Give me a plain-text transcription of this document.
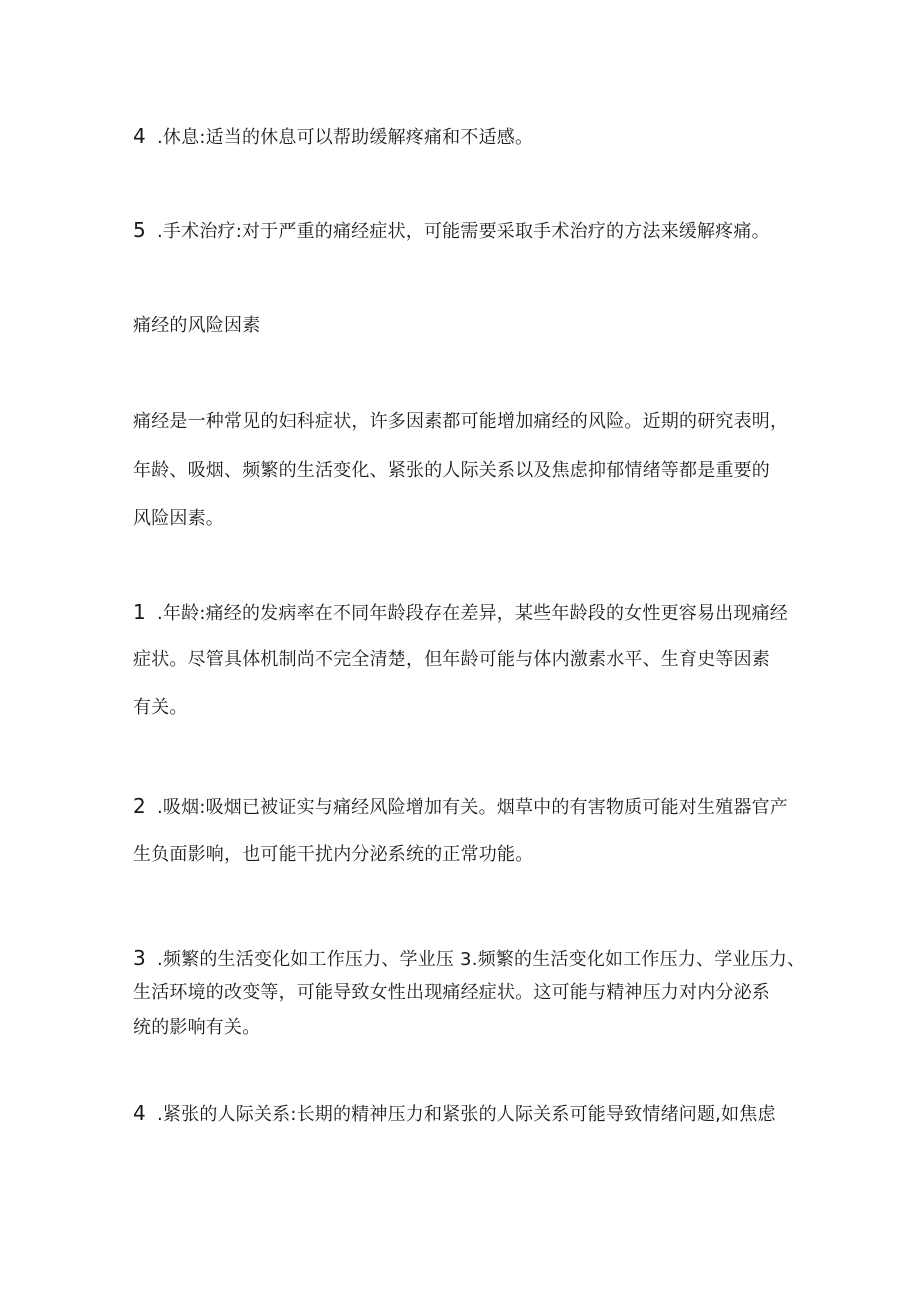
4 .休息:适当的休息可以帮助缓解疼痛和不适感。
5 .手术治疗:对于严重的痛经症状，可能需要采取手术治疗的方法来缓解疼痛。
痛经的风险因素
痛经是一种常见的妇科症状，许多因素都可能增加痛经的风险。近期的研究表明，
年龄、吸烟、频繁的生活变化、紧张的人际关系以及焦虑抑郁情绪等都是重要的
风险因素。
1 .年龄:痛经的发病率在不同年龄段存在差异，某些年龄段的女性更容易出现痛经
症状。尽管具体机制尚不完全清楚，但年龄可能与体内激素水平、生育史等因素
有关。
2 .吸烟:吸烟已被证实与痛经风险增加有关。烟草中的有害物质可能对生殖器官产
生负面影响，也可能干扰内分泌系统的正常功能。
3 .频繁的生活变化如工作压力、学业压 3.频繁的生活变化如工作压力、学业压力、
生活环境的改变等，可能导致女性出现痛经症状。这可能与精神压力对内分泌系
统的影响有关。
4 .紧张的人际关系:长期的精神压力和紧张的人际关系可能导致情绪问题,如焦虑
